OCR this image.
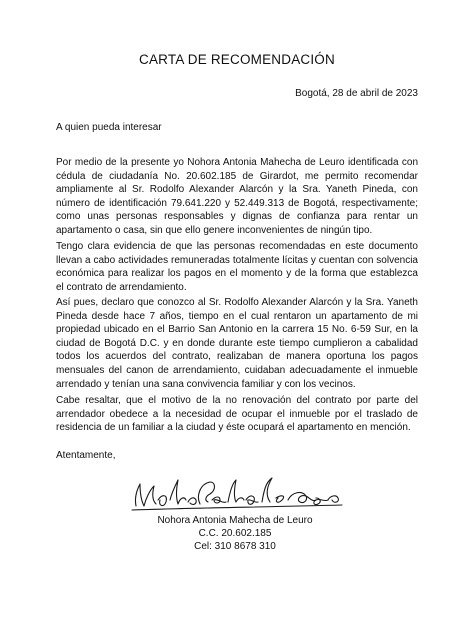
CARTA DE RECOMENDACIÓN
Bogotá, 28 de abril de 2023
A quien pueda interesar

Por medio de la presente yo Nohora Antonia Mahecha de Leuro identificada con cédula de ciudadanía No. 20.602.185 de Girardot, me permito recomendar ampliamente al Sr. Rodolfo Alexander Alarcón y la Sra. Yaneth Pineda, con número de identificación 79.641.220 y 52.449.313 de Bogotá, respectivamente; como unas personas responsables y dignas de confianza para rentar un apartamento o casa, sin que ello genere inconvenientes de ningún tipo.

Tengo clara evidencia de que las personas recomendadas en este documento llevan a cabo actividades remuneradas totalmente lícitas y cuentan con solvencia económica para realizar los pagos en el momento y de la forma que establezca el contrato de arrendamiento.

Así pues, declaro que conozco al Sr. Rodolfo Alexander Alarcón y la Sra. Yaneth Pineda desde hace 7 años, tiempo en el cual rentaron un apartamento de mi propiedad ubicado en el Barrio San Antonio en la carrera 15 No. 6-59 Sur, en la ciudad de Bogotá D.C. y en donde durante este tiempo cumplieron a cabalidad todos los acuerdos del contrato, realizaban de manera oportuna los pagos mensuales del canon de arrendamiento, cuidaban adecuadamente el inmueble arrendado y tenían una sana convivencia familiar y con los vecinos.

Cabe resaltar, que el motivo de la no renovación del contrato por parte del arrendador obedece a la necesidad de ocupar el inmueble por el traslado de residencia de un familiar a la ciudad y éste ocupará el apartamento en mención.

Atentamente,
Nohora Antonia Mahecha de Leuro
C.C. 20.602.185
Cel: 310 8678 310
